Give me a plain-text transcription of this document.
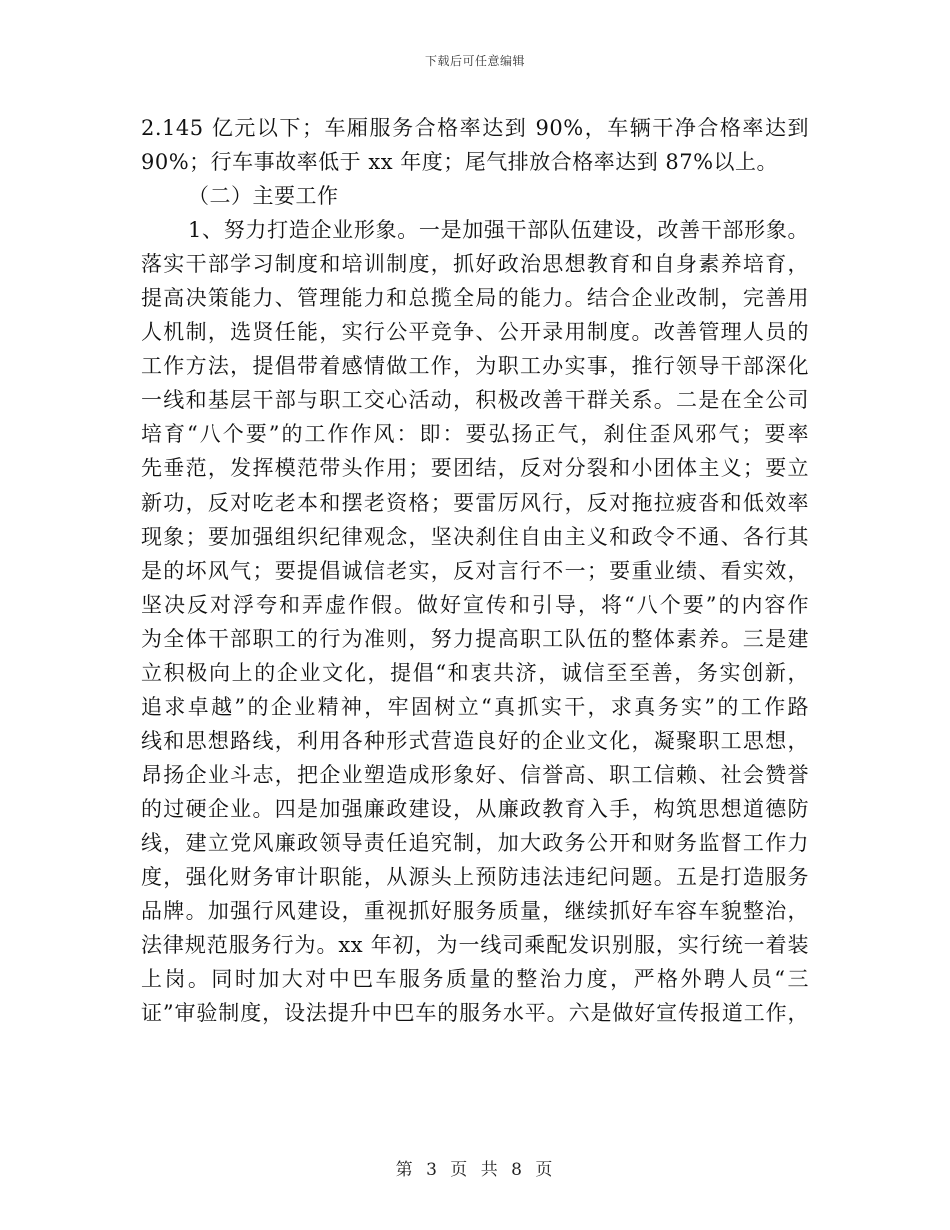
下载后可任意编辑
2.145 亿元以下；车厢服务合格率达到 90%，车辆干净合格率达到
90%；行车事故率低于 xx 年度；尾气排放合格率达到 87%以上。
（二）主要工作
1、努力打造企业形象。一是加强干部队伍建设，改善干部形象。
落实干部学习制度和培训制度，抓好政治思想教育和自身素养培育，
提高决策能力、管理能力和总揽全局的能力。结合企业改制，完善用
人机制，选贤任能，实行公平竞争、公开录用制度。改善管理人员的
工作方法，提倡带着感情做工作，为职工办实事，推行领导干部深化
一线和基层干部与职工交心活动，积极改善干群关系。二是在全公司
培育“八个要”的工作作风：即：要弘扬正气，刹住歪风邪气；要率
先垂范，发挥模范带头作用；要团结，反对分裂和小团体主义；要立
新功，反对吃老本和摆老资格；要雷厉风行，反对拖拉疲沓和低效率
现象；要加强组织纪律观念，坚决刹住自由主义和政令不通、各行其
是的坏风气；要提倡诚信老实，反对言行不一；要重业绩、看实效，
坚决反对浮夸和弄虚作假。做好宣传和引导，将“八个要”的内容作
为全体干部职工的行为准则，努力提高职工队伍的整体素养。三是建
立积极向上的企业文化，提倡“和衷共济，诚信至至善，务实创新，
追求卓越”的企业精神，牢固树立“真抓实干，求真务实”的工作路
线和思想路线，利用各种形式营造良好的企业文化，凝聚职工思想，
昂扬企业斗志，把企业塑造成形象好、信誉高、职工信赖、社会赞誉
的过硬企业。四是加强廉政建设，从廉政教育入手，构筑思想道德防
线，建立党风廉政领导责任追究制，加大政务公开和财务监督工作力
度，强化财务审计职能，从源头上预防违法违纪问题。五是打造服务
品牌。加强行风建设，重视抓好服务质量，继续抓好车容车貌整治，
法律规范服务行为。xx 年初，为一线司乘配发识别服，实行统一着装
上岗。同时加大对中巴车服务质量的整治力度，严格外聘人员“三
证”审验制度，设法提升中巴车的服务水平。六是做好宣传报道工作，
第 3 页 共 8 页
